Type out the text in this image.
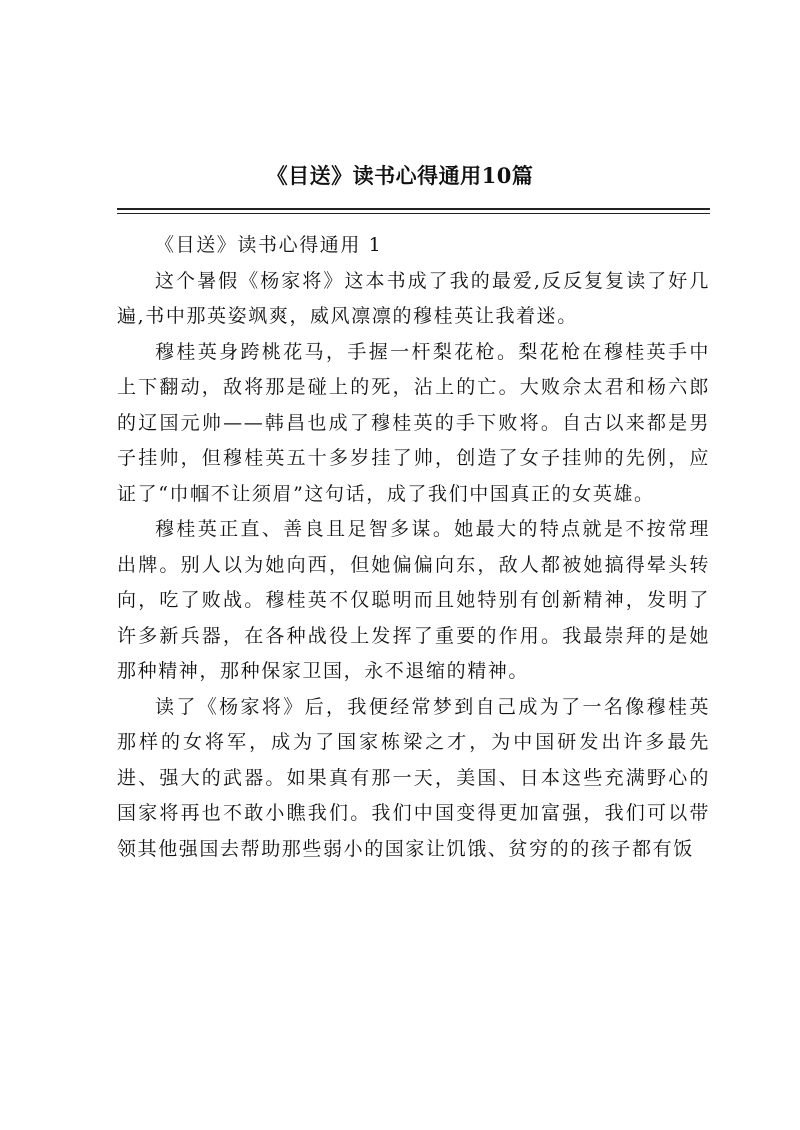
《目送》读书心得通用10篇

《目送》读书心得通用 1

这个暑假《杨家将》这本书成了我的最爱,反反复复读了好几遍,书中那英姿飒爽，威风凛凛的穆桂英让我着迷。

穆桂英身跨桃花马，手握一杆梨花枪。梨花枪在穆桂英手中上下翻动，敌将那是碰上的死，沾上的亡。大败佘太君和杨六郎的辽国元帅——韩昌也成了穆桂英的手下败将。自古以来都是男子挂帅，但穆桂英五十多岁挂了帅，创造了女子挂帅的先例，应证了“巾帼不让须眉”这句话，成了我们中国真正的女英雄。

穆桂英正直、善良且足智多谋。她最大的特点就是不按常理出牌。别人以为她向西，但她偏偏向东，敌人都被她搞得晕头转向，吃了败战。穆桂英不仅聪明而且她特别有创新精神，发明了许多新兵器，在各种战役上发挥了重要的作用。我最崇拜的是她那种精神，那种保家卫国，永不退缩的精神。

读了《杨家将》后，我便经常梦到自己成为了一名像穆桂英那样的女将军，成为了国家栋梁之才，为中国研发出许多最先进、强大的武器。如果真有那一天，美国、日本这些充满野心的国家将再也不敢小瞧我们。我们中国变得更加富强，我们可以带领其他强国去帮助那些弱小的国家让饥饿、贫穷的的孩子都有饭
